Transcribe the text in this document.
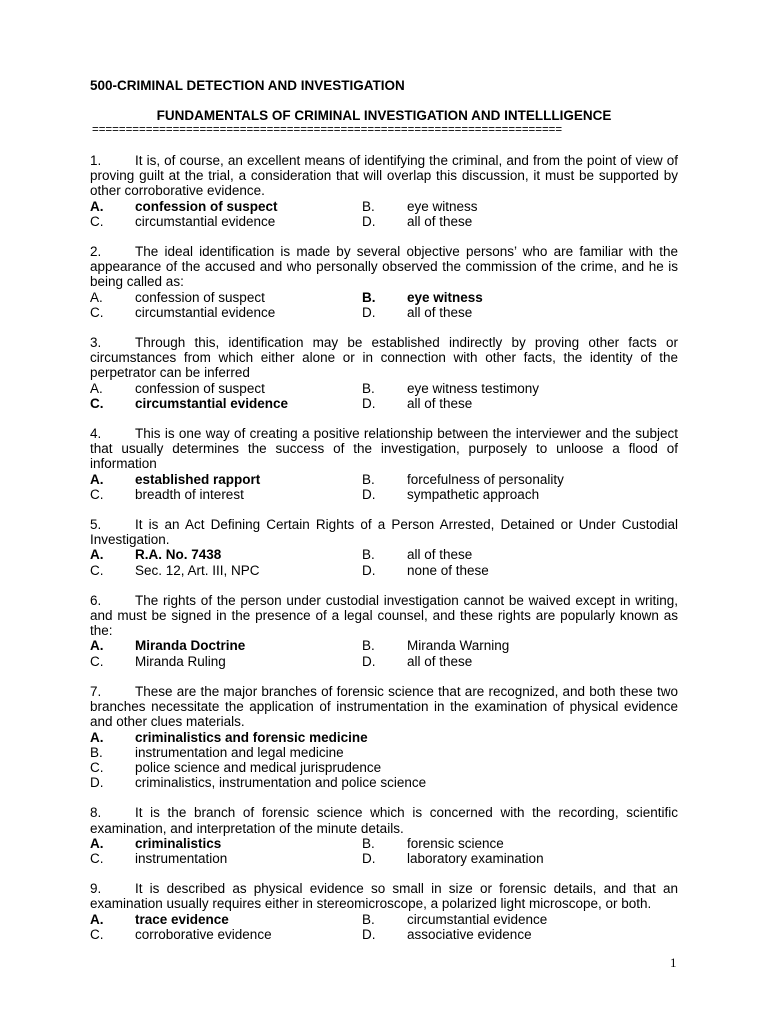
500-CRIMINAL DETECTION AND INVESTIGATION
FUNDAMENTALS OF CRIMINAL INVESTIGATION AND INTELLLIGENCE
======================================================================
1. It is, of course, an excellent means of identifying the criminal, and from the point of view of proving guilt at the trial, a consideration that will overlap this discussion, it must be supported by other corroborative evidence.
A.	confession of suspect	B.	eye witness
C.	circumstantial evidence	D.	all of these
2. The ideal identification is made by several objective persons’ who are familiar with the appearance of the accused and who personally observed the commission of the crime, and he is being called as:
A.	confession of suspect	B.	eye witness
C.	circumstantial evidence	D.	all of these
3. Through this, identification may be established indirectly by proving other facts or circumstances from which either alone or in connection with other facts, the identity of the perpetrator can be inferred
A.	confession of suspect	B.	eye witness testimony
C.	circumstantial evidence	D.	all of these
4. This is one way of creating a positive relationship between the interviewer and the subject that usually determines the success of the investigation, purposely to unloose a flood of information
A.	established rapport	B.	forcefulness of personality
C.	breadth of interest	D.	sympathetic approach
5. It is an Act Defining Certain Rights of a Person Arrested, Detained or Under Custodial Investigation.
A.	R.A. No. 7438	B.	all of these
C.	Sec. 12, Art. III, NPC	D.	none of these
6. The rights of the person under custodial investigation cannot be waived except in writing, and must be signed in the presence of a legal counsel, and these rights are popularly known as the:
A.	Miranda Doctrine	B.	Miranda Warning
C.	Miranda Ruling	D.	all of these
7. These are the major branches of forensic science that are recognized, and both these two branches necessitate the application of instrumentation in the examination of physical evidence and other clues materials.
A.	criminalistics and forensic medicine
B.	instrumentation and legal medicine
C.	police science and medical jurisprudence
D.	criminalistics, instrumentation and police science
8. It is the branch of forensic science which is concerned with the recording, scientific examination, and interpretation of the minute details.
A.	criminalistics	B.	forensic science
C.	instrumentation	D.	laboratory examination
9. It is described as physical evidence so small in size or forensic details, and that an examination usually requires either in stereomicroscope, a polarized light microscope, or both.
A.	trace evidence	B.	circumstantial evidence
C.	corroborative evidence	D.	associative evidence
1
